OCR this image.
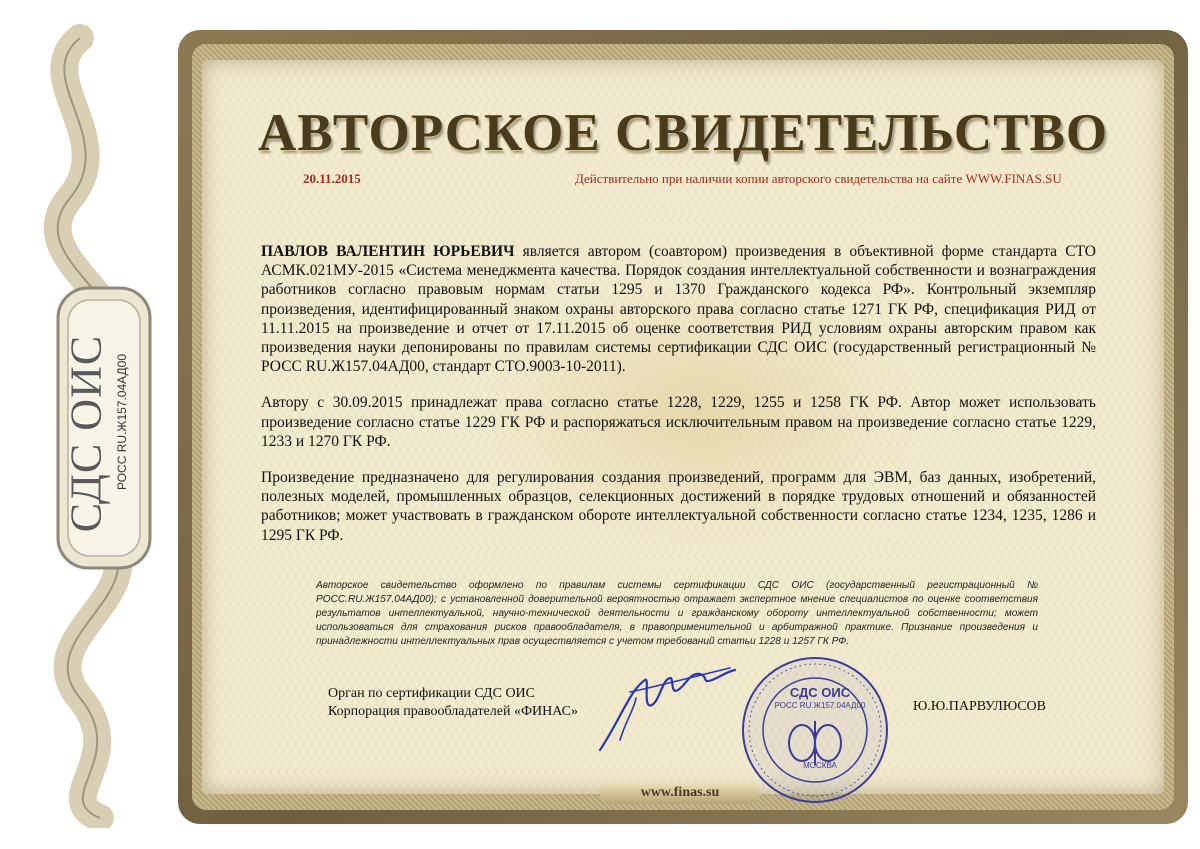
СДС ОИС РОСС RU.Ж157.04АД00
АВТОРСКОЕ СВИДЕТЕЛЬСТВО
20.11.2015	Действительно при наличии копии авторского свидетельства на сайте WWW.FINAS.SU

ПАВЛОВ ВАЛЕНТИН ЮРЬЕВИЧ является автором (соавтором) произведения в объективной форме стандарта СТО АСМК.021МУ-2015 «Система менеджмента качества. Порядок создания интеллектуальной собственности и вознаграждения работников согласно правовым нормам статьи 1295 и 1370 Гражданского кодекса РФ». Контрольный экземпляр произведения, идентифицированный знаком охраны авторского права согласно статье 1271 ГК РФ, спецификация РИД от 11.11.2015 на произведение и отчет от 17.11.2015 об оценке соответствия РИД условиям охраны авторским правом как произведения науки депонированы по правилам системы сертификации СДС ОИС (государственный регистрационный № РОСС RU.Ж157.04АД00, стандарт СТО.9003-10-2011).

Автору с 30.09.2015 принадлежат права согласно статье 1228, 1229, 1255 и 1258 ГК РФ. Автор может использовать произведение согласно статье 1229 ГК РФ и распоряжаться исключительным правом на произведение согласно статье 1229, 1233 и 1270 ГК РФ.

Произведение предназначено для регулирования создания произведений, программ для ЭВМ, баз данных, изобретений, полезных моделей, промышленных образцов, селекционных достижений в порядке трудовых отношений и обязанностей работников; может участвовать в гражданском обороте интеллектуальной собственности согласно статье 1234, 1235, 1286 и 1295 ГК РФ.

Авторское свидетельство оформлено по правилам системы сертификации СДС ОИС (государственный регистрационный № РОСС.RU.Ж157.04АД00); с установленной доверительной вероятностью отражает экспертное мнение специалистов по оценке соответствия результатов интеллектуальной, научно-технической деятельности и гражданскому обороту интеллектуальной собственности; может использоваться для страхования рисков правообладателя, в правоприменительной и арбитражной практике. Признание произведения и принадлежности интеллектуальных прав осуществляется с учетом требований статьи 1228 и 1257 ГК РФ.
Орган по сертификации СДС ОИС
Корпорация правообладателей «ФИНАС»
СДС ОИС
РОСС RU.Ж157.04АД00
МОСКВА
Ю.Ю.ПАРВУЛЮСОВ
www.finas.su
